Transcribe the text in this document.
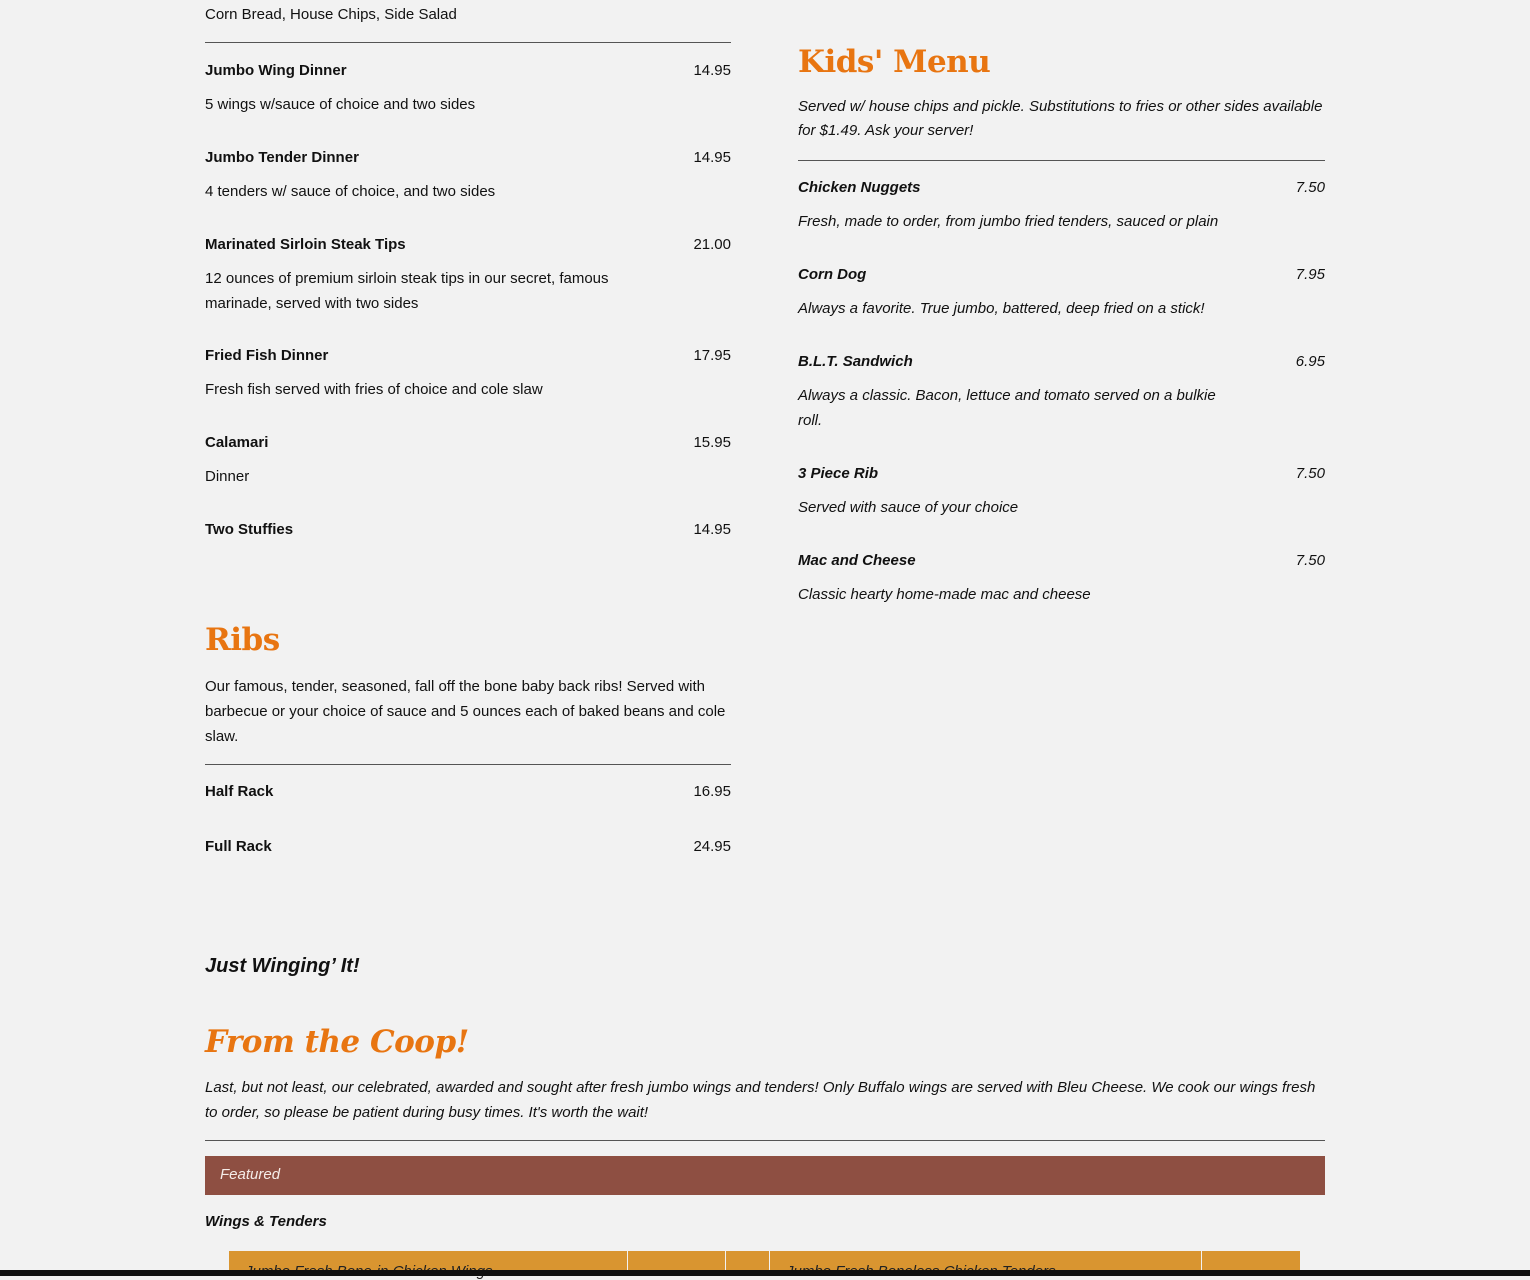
Corn Bread, House Chips, Side Salad
Jumbo Wing Dinner	14.95
5 wings w/sauce of choice and two sides
Jumbo Tender Dinner	14.95
4 tenders w/ sauce of choice, and two sides
Marinated Sirloin Steak Tips	21.00
12 ounces of premium sirloin steak tips in our secret, famous marinade, served with two sides
Fried Fish Dinner	17.95
Fresh fish served with fries of choice and cole slaw
Calamari	15.95
Dinner
Two Stuffies	14.95
Ribs
Our famous, tender, seasoned, fall off the bone baby back ribs! Served with barbecue or your choice of sauce and 5 ounces each of baked beans and cole slaw.
Half Rack	16.95
Full Rack	24.95
Kids' Menu
Served w/ house chips and pickle. Substitutions to fries or other sides available for $1.49. Ask your server!
Chicken Nuggets	7.50
Fresh, made to order, from jumbo fried tenders, sauced or plain
Corn Dog	7.95
Always a favorite. True jumbo, battered, deep fried on a stick!
B.L.T. Sandwich	6.95
Always a classic. Bacon, lettuce and tomato served on a bulkie roll.
3 Piece Rib	7.50
Served with sauce of your choice
Mac and Cheese	7.50
Classic hearty home-made mac and cheese
Just Winging’ It!
From the Coop!
Last, but not least, our celebrated, awarded and sought after fresh jumbo wings and tenders! Only Buffalo wings are served with Bleu Cheese. We cook our wings fresh to order, so please be patient during busy times. It's worth the wait!
Featured
Wings & Tenders
